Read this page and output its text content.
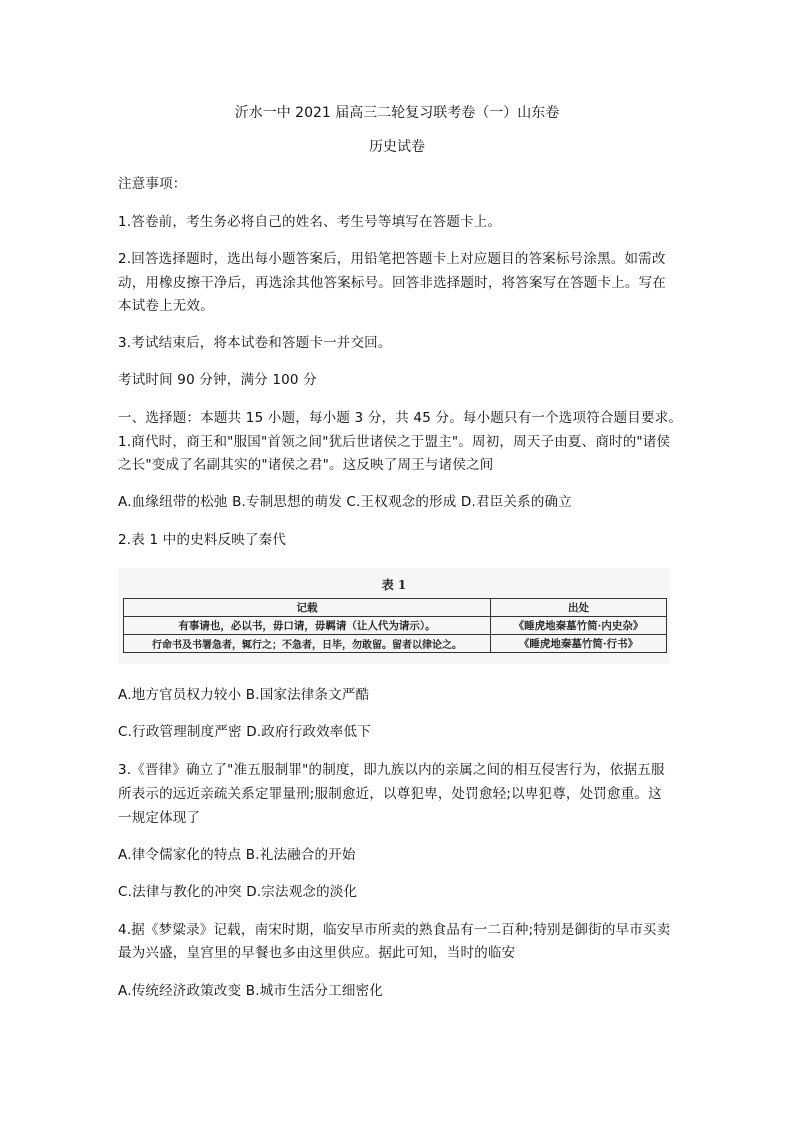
沂水一中 2021 届高三二轮复习联考卷（一）山东卷
历史试卷
注意事项：
1.答卷前，考生务必将自己的姓名、考生号等填写在答题卡上。
2.回答选择题时，选出每小题答案后，用铅笔把答题卡上对应题目的答案标号涂黑。如需改
动，用橡皮擦干净后，再选涂其他答案标号。回答非选择题时，将答案写在答题卡上。写在
本试卷上无效。
3.考试结束后，将本试卷和答题卡一并交回。
考试时间 90 分钟，满分 100 分
一、选择题：本题共 15 小题，每小题 3 分，共 45 分。每小题只有一个选项符合题目要求。
1.商代时，商王和"服国"首领之间"犹后世诸侯之于盟主"。周初，周天子由夏、商时的"诸侯
之长"变成了名副其实的"诸侯之君"。这反映了周王与诸侯之间
A.血缘纽带的松弛 B.专制思想的萌发 C.王权观念的形成 D.君臣关系的确立
2.表 1 中的史料反映了秦代
表 1
记载	出处
有事请也，必以书，毋口请，毋羁请（让人代为请示）。	《睡虎地秦墓竹简·内史杂》
行命书及书署急者，辄行之；不急者，日毕，勿敢留。留者以律论之。	《睡虎地秦墓竹简·行书》
A.地方官员权力较小 B.国家法律条文严酷
C.行政管理制度严密 D.政府行政效率低下
3.《晋律》确立了"准五服制罪"的制度，即九族以内的亲属之间的相互侵害行为，依据五服
所表示的远近亲疏关系定罪量刑;服制愈近，以尊犯卑，处罚愈轻;以卑犯尊，处罚愈重。这
一规定体现了
A.律令儒家化的特点 B.礼法融合的开始
C.法律与教化的冲突 D.宗法观念的淡化
4.据《梦粱录》记载，南宋时期，临安早市所卖的熟食品有一二百种;特别是御街的早市买卖
最为兴盛，皇宫里的早餐也多由这里供应。据此可知，当时的临安
A.传统经济政策改变 B.城市生活分工细密化
